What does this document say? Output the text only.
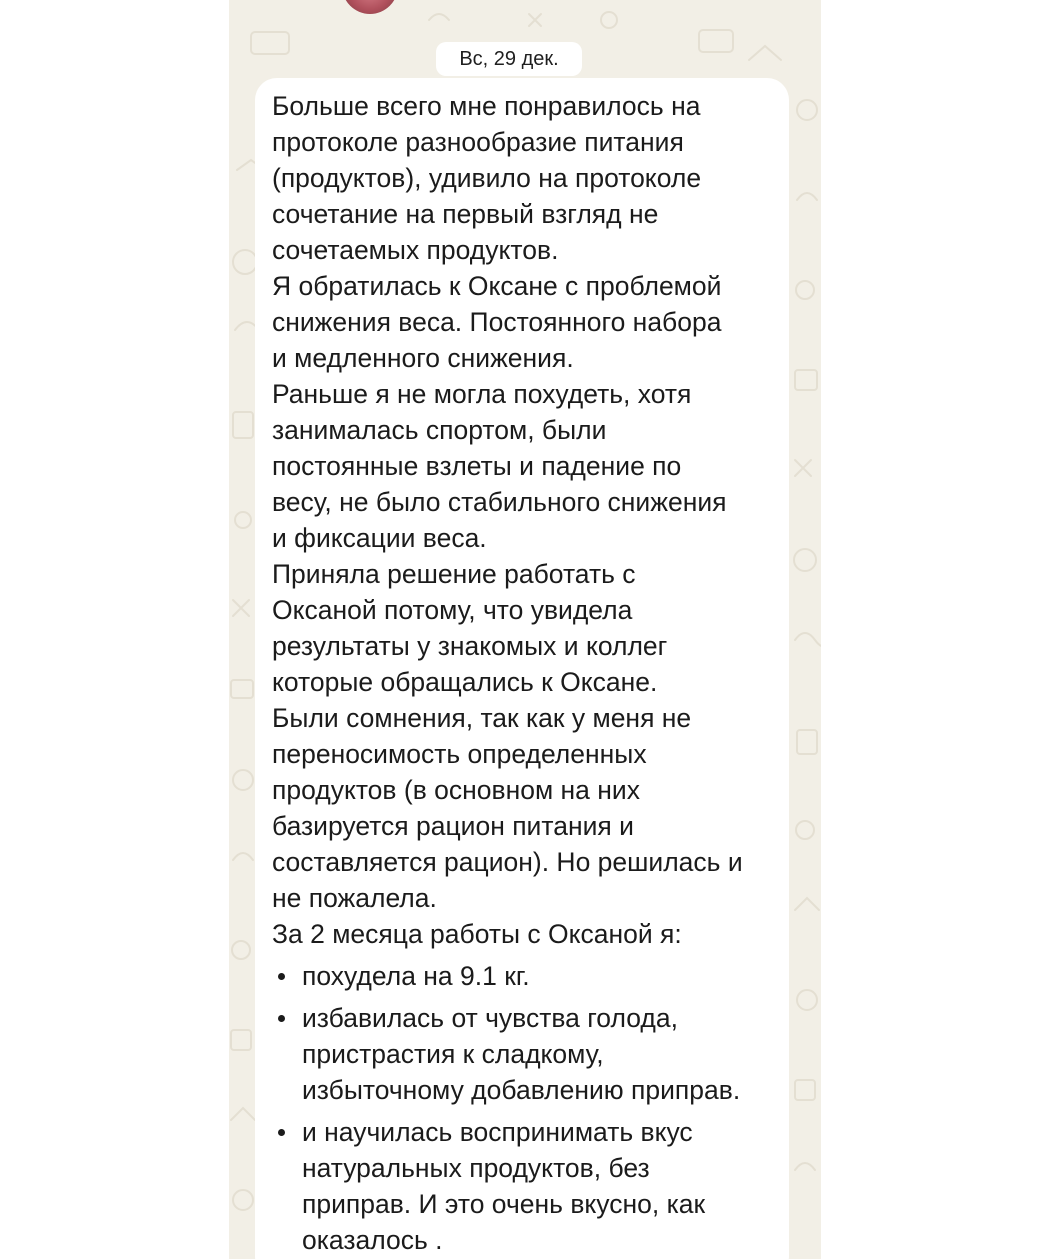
Вс, 29 дек.

Больше всего мне понравилось на

протоколе разнообразие питания

(продуктов), удивило на протоколе

сочетание на первый взгляд не

сочетаемых продуктов.

Я обратилась к Оксане с проблемой

снижения веса. Постоянного набора

и медленного снижения.

Раньше я не могла похудеть, хотя

занималась спортом, были

постоянные взлеты и падение по

весу, не было стабильного снижения

и фиксации веса.

Приняла решение работать с

Оксаной потому, что увидела

результаты у знакомых и коллег

которые обращались к Оксане.

Были сомнения, так как у меня не

переносимость определенных

продуктов (в основном на них

базируется рацион питания и

составляется рацион). Но решилась и

не пожалела.

За 2 месяца работы с Оксаной я:

похудела на 9.1 кг.
избавилась от чувства голода,
пристрастия к сладкому,
избыточному добавлению приправ.
и научилась воспринимать вкус
натуральных продуктов, без
приправ. И это очень вкусно, как
оказалось .
